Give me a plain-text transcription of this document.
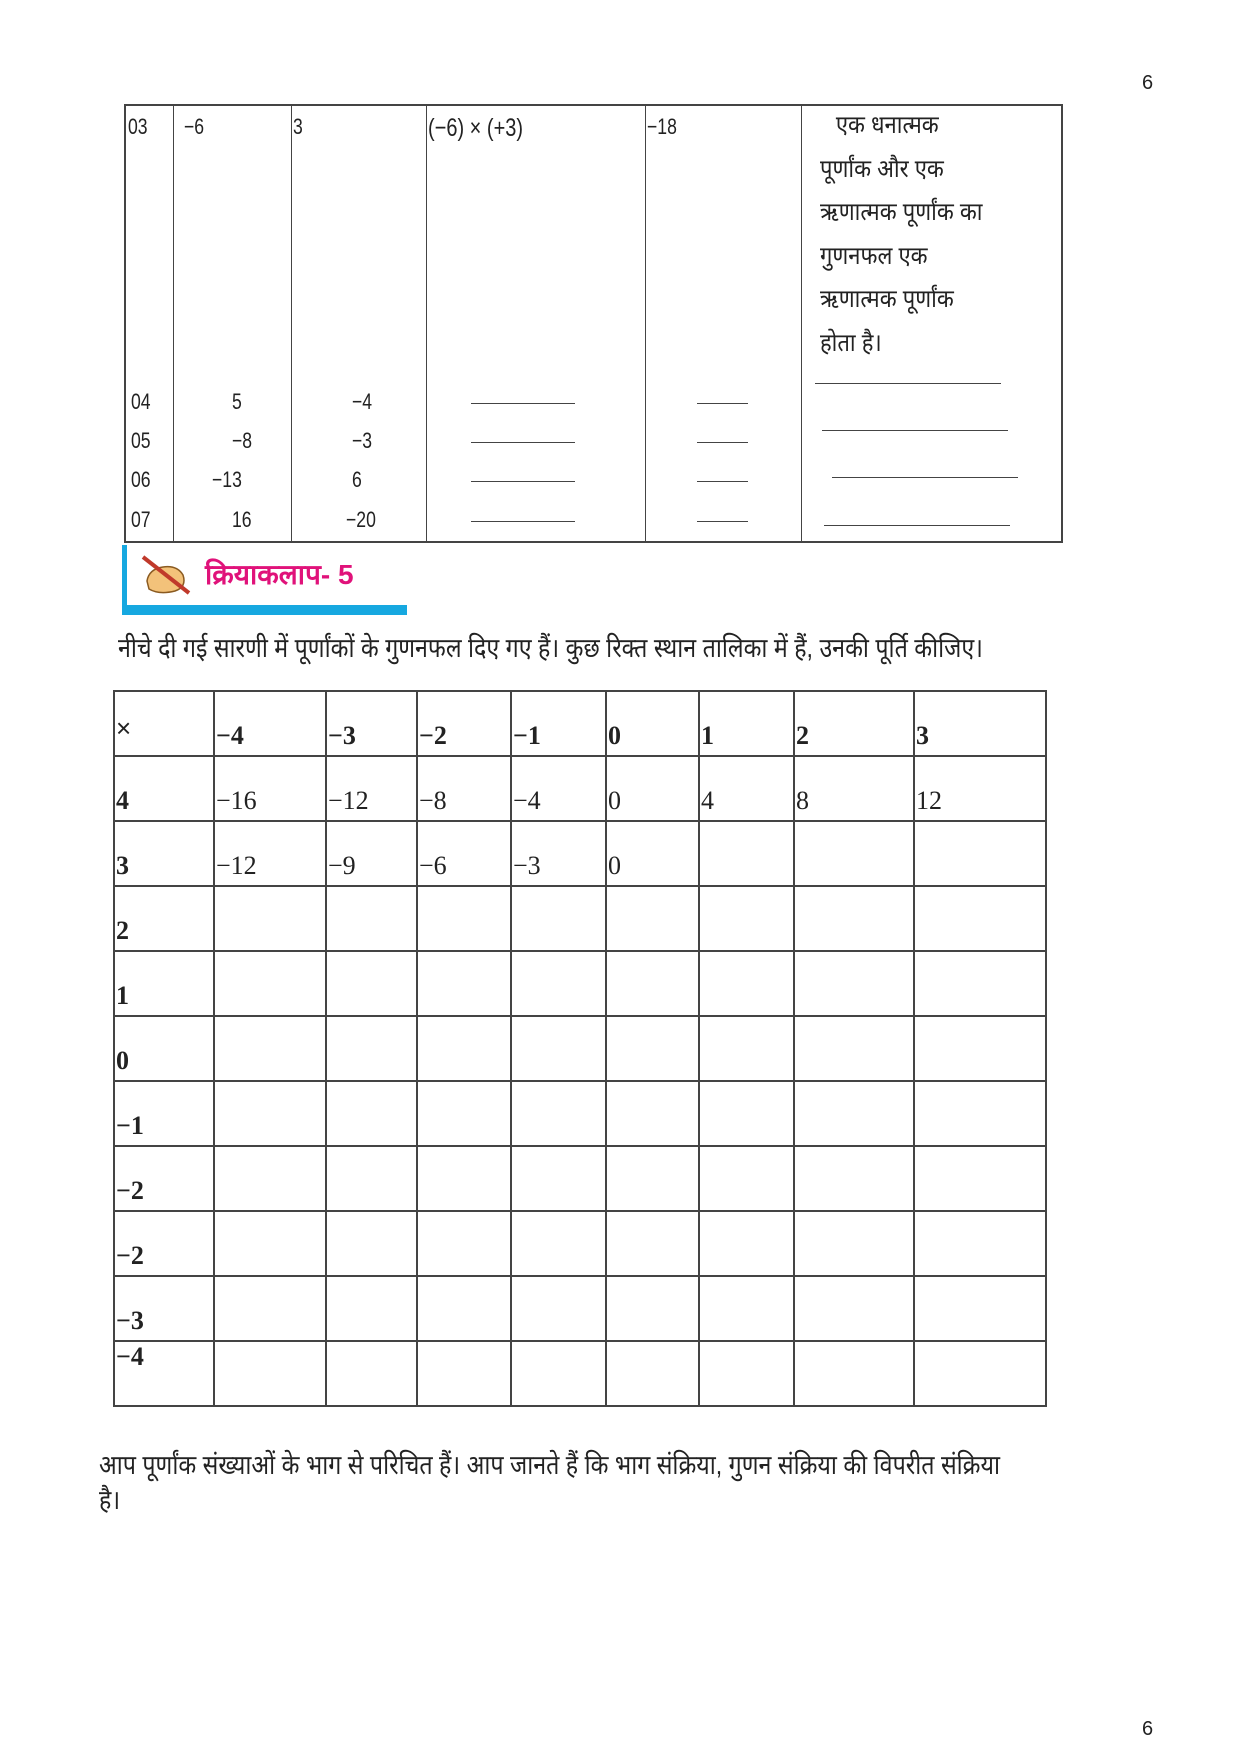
6
03 −6	3	(−6) × (+3)	−18	एक धनात्मक
पूर्णांक और एक
ऋणात्मक पूर्णांक का
गुणनफल एक
ऋणात्मक पूर्णांक
होता है।
04	5	−4
05	−8	−3
06	−13	6
07	16	−20
क्रियाकलाप- 5
नीचे दी गई सारणी में पूर्णांकों के गुणनफल दिए गए हैं। कुछ रिक्त स्थान तालिका में हैं, उनकी पूर्ति कीजिए।
×	−4	−3	−2	−1	0	1	2	3
4	−16	−12	−8	−4	0	4	8	12
3	−12	−9	−6	−3	0			
2								
1								
0								
−1								
−2								
−2								
−3								
−4								
आप पूर्णांक संख्याओं के भाग से परिचित हैं। आप जानते हैं कि भाग संक्रिया, गुणन संक्रिया की विपरीत संक्रिया है।
6
